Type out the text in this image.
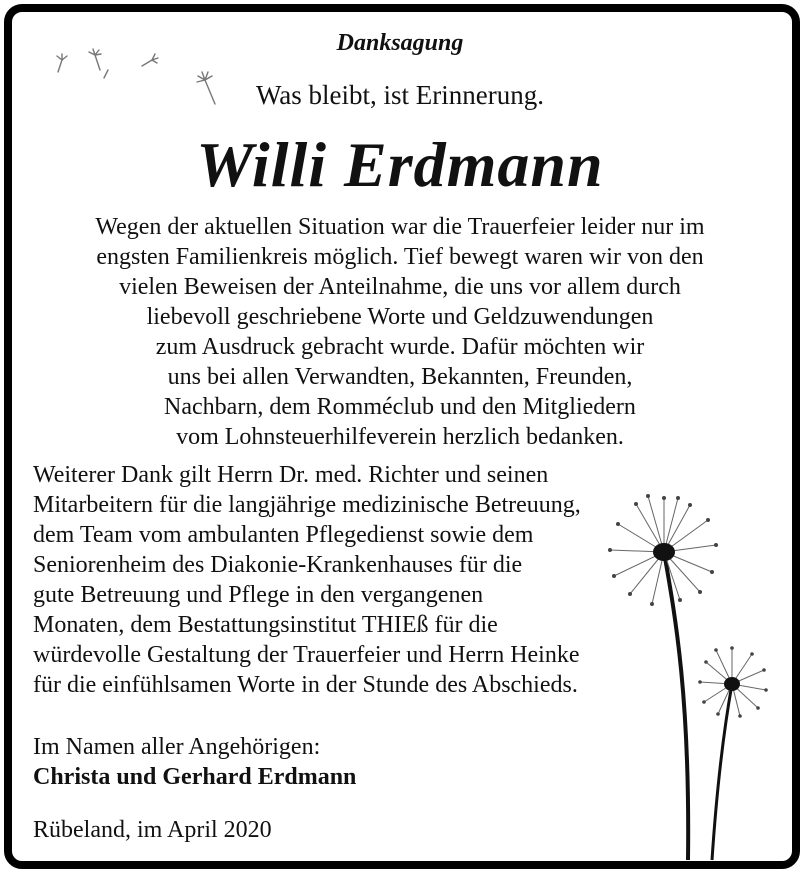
Danksagung
Was bleibt, ist Erinnerung.
Willi Erdmann
Wegen der aktuellen Situation war die Trauerfeier leider nur im
engsten Familienkreis möglich. Tief bewegt waren wir von den
vielen Beweisen der Anteilnahme, die uns vor allem durch
liebevoll geschriebene Worte und Geldzuwendungen
zum Ausdruck gebracht wurde. Dafür möchten wir
uns bei allen Verwandten, Bekannten, Freunden,
Nachbarn, dem Romméclub und den Mitgliedern
vom Lohnsteuerhilfeverein herzlich bedanken.
Weiterer Dank gilt Herrn Dr. med. Richter und seinen
Mitarbeitern für die langjährige medizinische Betreuung,
dem Team vom ambulanten Pflegedienst sowie dem
Seniorenheim des Diakonie-Krankenhauses für die
gute Betreuung und Pflege in den vergangenen
Monaten, dem Bestattungsinstitut THIEß für die
würdevolle Gestaltung der Trauerfeier und Herrn Heinke
für die einfühlsamen Worte in der Stunde des Abschieds.
Im Namen aller Angehörigen:
Christa und Gerhard Erdmann
Rübeland, im April 2020
